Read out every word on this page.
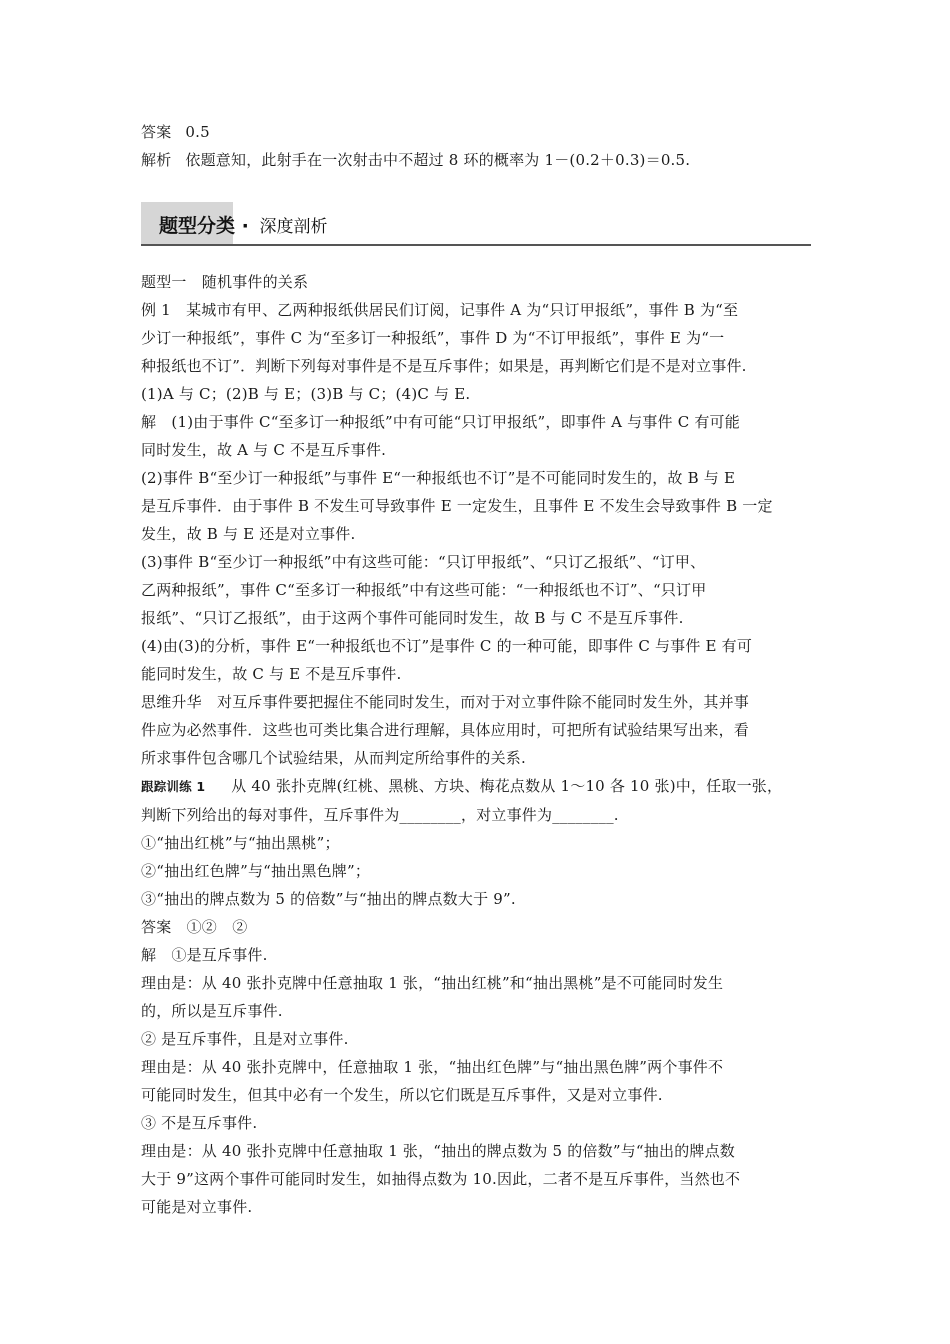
答案 0.5
解析 依题意知，此射手在一次射击中不超过 8 环的概率为 1－(0.2＋0.3)＝0.5.
题型分类 · 深度剖析
题型一　随机事件的关系
例 1　某城市有甲、乙两种报纸供居民们订阅，记事件 A 为“只订甲报纸”，事件 B 为“至
少订一种报纸”，事件 C 为“至多订一种报纸”，事件 D 为“不订甲报纸”，事件 E 为“一
种报纸也不订”．判断下列每对事件是不是互斥事件；如果是，再判断它们是不是对立事件.
(1)A 与 C；(2)B 与 E；(3)B 与 C；(4)C 与 E.
解　(1)由于事件 C“至多订一种报纸”中有可能“只订甲报纸”，即事件 A 与事件 C 有可能
同时发生，故 A 与 C 不是互斥事件.
(2)事件 B“至少订一种报纸”与事件 E“一种报纸也不订”是不可能同时发生的，故 B 与 E
是互斥事件．由于事件 B 不发生可导致事件 E 一定发生，且事件 E 不发生会导致事件 B 一定
发生，故 B 与 E 还是对立事件.
(3)事件 B“至少订一种报纸”中有这些可能：“只订甲报纸”、“只订乙报纸”、“订甲、
乙两种报纸”，事件 C“至多订一种报纸”中有这些可能：“一种报纸也不订”、“只订甲
报纸”、“只订乙报纸”，由于这两个事件可能同时发生，故 B 与 C 不是互斥事件.
(4)由(3)的分析，事件 E“一种报纸也不订”是事件 C 的一种可能，即事件 C 与事件 E 有可
能同时发生，故 C 与 E 不是互斥事件.
思维升华　对互斥事件要把握住不能同时发生，而对于对立事件除不能同时发生外，其并事
件应为必然事件．这些也可类比集合进行理解，具体应用时，可把所有试验结果写出来，看
所求事件包含哪几个试验结果，从而判定所给事件的关系.
跟踪训练 1 从 40 张扑克牌(红桃、黑桃、方块、梅花点数从 1～10 各 10 张)中，任取一张，
判断下列给出的每对事件，互斥事件为________，对立事件为________.
①“抽出红桃”与“抽出黑桃”；
②“抽出红色牌”与“抽出黑色牌”；
③“抽出的牌点数为 5 的倍数”与“抽出的牌点数大于 9”.
答案　①②　②
解　①是互斥事件.
理由是：从 40 张扑克牌中任意抽取 1 张，“抽出红桃”和“抽出黑桃”是不可能同时发生
的，所以是互斥事件.
② 是互斥事件，且是对立事件.
理由是：从 40 张扑克牌中，任意抽取 1 张，“抽出红色牌”与“抽出黑色牌”两个事件不
可能同时发生，但其中必有一个发生，所以它们既是互斥事件，又是对立事件.
③ 不是互斥事件.
理由是：从 40 张扑克牌中任意抽取 1 张，“抽出的牌点数为 5 的倍数”与“抽出的牌点数
大于 9”这两个事件可能同时发生，如抽得点数为 10.因此，二者不是互斥事件，当然也不
可能是对立事件.
